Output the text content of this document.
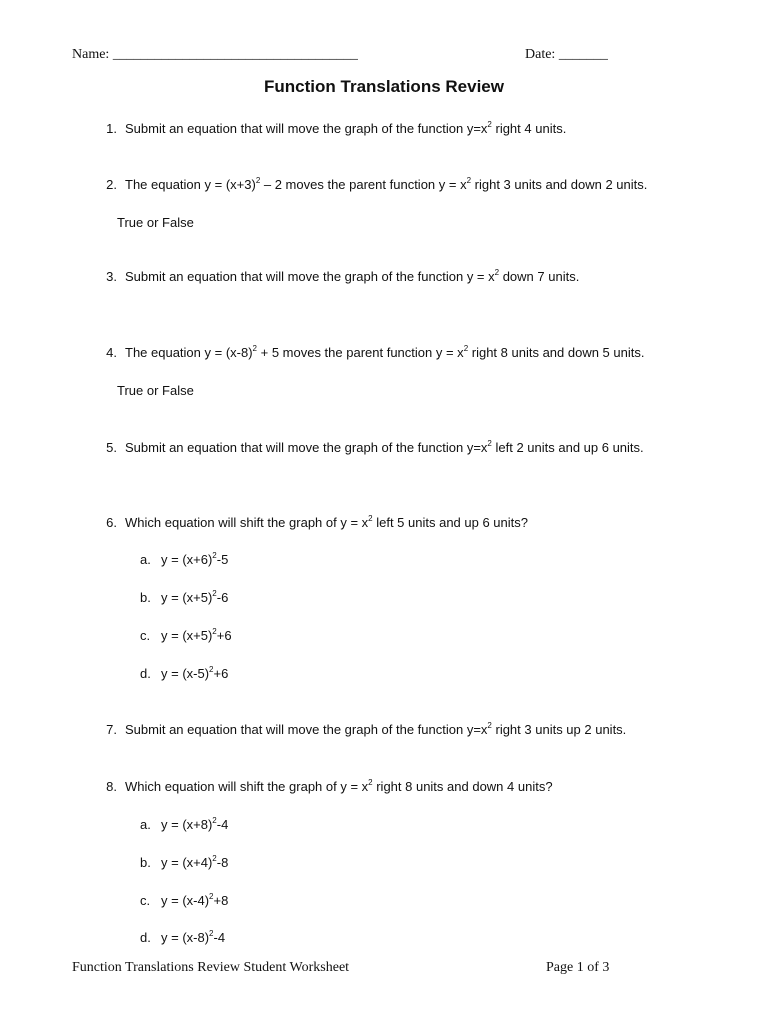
Name: ___________________________________	Date: _______
Function Translations Review
1. Submit an equation that will move the graph of the function $y=x^2$ right 4 units.
2. The equation $y = (x+3)^2 - 2$ moves the parent function $y = x^2$ right 3 units and down 2 units.
True or False
3. Submit an equation that will move the graph of the function $y = x^2$ down 7 units.
4. The equation $y = (x-8)^2 + 5$ moves the parent function $y = x^2$ right 8 units and down 5 units.
True or False
5. Submit an equation that will move the graph of the function $y=x^2$ left 2 units and up 6 units.
6. Which equation will shift the graph of $y = x^2$ left 5 units and up 6 units?
a. $y = (x+6)^2-5$
b. $y = (x+5)^2-6$
c. $y = (x+5)^2+6$
d. $y = (x-5)^2+6$
7. Submit an equation that will move the graph of the function $y=x^2$ right 3 units up 2 units.
8. Which equation will shift the graph of $y = x^2$ right 8 units and down 4 units?
a. $y = (x+8)^2-4$
b. $y = (x+4)^2-8$
c. $y = (x-4)^2+8$
d. $y = (x-8)^2-4$
Function Translations Review Student Worksheet	Page 1 of 3
